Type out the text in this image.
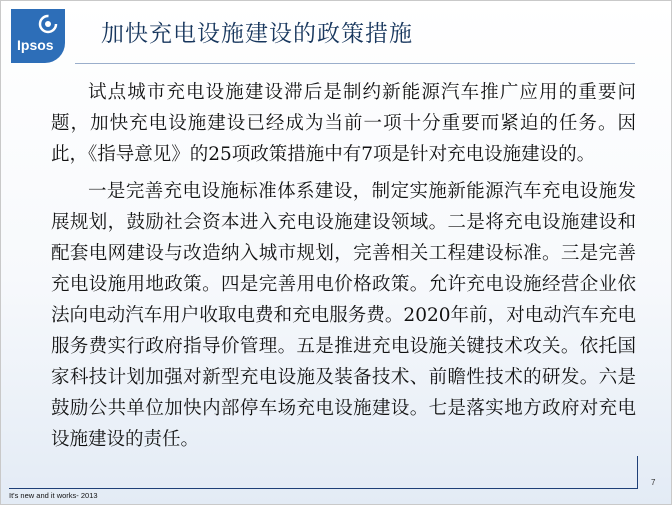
Ipsos 加快充电设施建设的政策措施

试点城市充电设施建设滞后是制约新能源汽车推广应用的重要问题，加快充电设施建设已经成为当前一项十分重要而紧迫的任务。因此，《指导意见》的25项政策措施中有7项是针对充电设施建设的。

一是完善充电设施标准体系建设，制定实施新能源汽车充电设施发展规划，鼓励社会资本进入充电设施建设领域。二是将充电设施建设和配套电网建设与改造纳入城市规划，完善相关工程建设标准。三是完善充电设施用地政策。四是完善用电价格政策。允许充电设施经营企业依法向电动汽车用户收取电费和充电服务费。2020年前，对电动汽车充电服务费实行政府指导价管理。五是推进充电设施关键技术攻关。依托国家科技计划加强对新型充电设施及装备技术、前瞻性技术的研发。六是鼓励公共单位加快内部停车场充电设施建设。七是落实地方政府对充电设施建设的责任。

It's new and it works- 2013
7
